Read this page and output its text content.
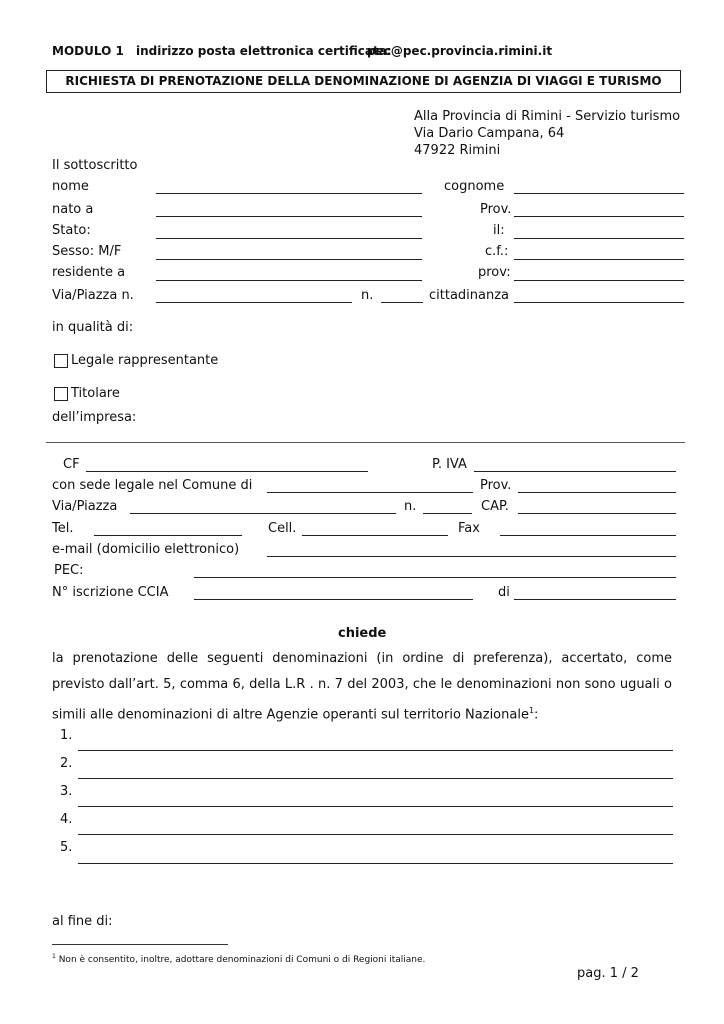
MODULO 1 indirizzo posta elettronica certificata:
pec@pec.provincia.rimini.it
RICHIESTA DI PRENOTAZIONE DELLA DENOMINAZIONE DI AGENZIA DI VIAGGI E TURISMO
Alla Provincia di Rimini - Servizio turismo
Via Dario Campana, 64
47922 Rimini
Il sottoscritto
nome	cognome
nato a	Prov.
Stato:	il:
Sesso: M/F	c.f.:
residente a	prov:
Via/Piazza n.	n.	cittadinanza
in qualità di:
Legale rappresentante
Titolare
dell’impresa:
CF	P. IVA
con sede legale nel Comune di	Prov.
Via/Piazza	n.	CAP.
Tel.	Cell.	Fax
e-mail (domicilio elettronico)
PEC:
N° iscrizione CCIA	di
chiede
la prenotazione delle seguenti denominazioni (in ordine di preferenza), accertato, come
previsto dall’art. 5, comma 6, della L.R . n. 7 del 2003, che le denominazioni non sono uguali o
simili alle denominazioni di altre Agenzie operanti sul territorio Nazionale$^1$:
1.
2.
3.
4.
5.
al fine di:
$^1$ Non è consentito, inoltre, adottare denominazioni di Comuni o di Regioni italiane.
pag. 1 / 2
